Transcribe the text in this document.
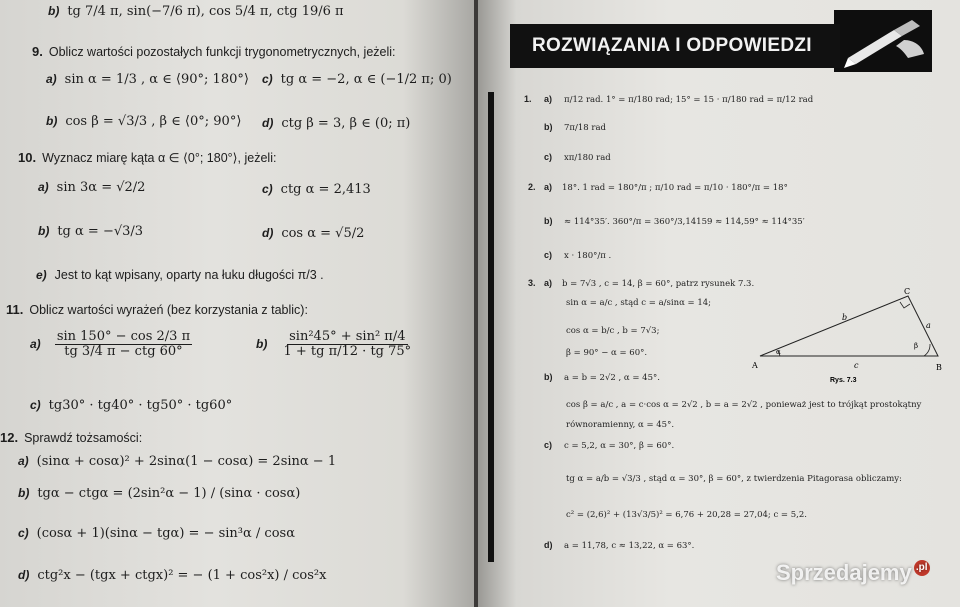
b) tg 7/4 π, sin(−7/6 π), cos 5/4 π, ctg 19/6 π
9. Oblicz wartości pozostałych funkcji trygonometrycznych, jeżeli:
a) sin α = 1/3 , α ∈ ⟨90°; 180°⟩ c) tg α = −2, α ∈ (−1/2 π; 0)
b) cos β = √3/3 , β ∈ ⟨0°; 90°⟩ d) ctg β = 3, β ∈ (0; π)
10. Wyznacz miarę kąta α ∈ ⟨0°; 180°⟩, jeżeli:
a) sin 3α = √2/2	c) ctg α = 2,413
b) tg α = −√3/3	d) cos α = √5/2
e) Jest to kąt wpisany, oparty na łuku długości π/3 .
11. Oblicz wartości wyrażeń (bez korzystania z tablic):
$a) \frac{\sin 150^\circ - \cos 2/3 \pi}{\text{tg 3/4 π − ctg 60°}}$	$b) \frac{\text{sin²45° + sin² π/4}}{\text{1 + tg π/12 · tg 75°}}$
c) tg30° · tg40° · tg50° · tg60°
12. Sprawdź tożsamości:
a) (sinα + cosα)² + 2sinα(1 − cosα) = 2sinα − 1
b) tgα − ctgα = (2sin²α − 1) / (sinα · cosα)
c) (cosα + 1)(sinα − tgα) = − sin³α / cosα
d) ctg²x − (tgx + ctgx)² = − (1 + cos²x) / cos²x
ROZWIĄZANIA I ODPOWIEDZI
1. a) π/12 rad. 1° = π/180 rad; 15° = 15 · π/180 rad = π/12 rad
b) 7π/18 rad
c) xπ/180 rad
2. a) 18°. 1 rad = 180°/π ; π/10 rad = π/10 · 180°/π = 18°
b) ≈ 114°35′. 360°/π = 360°/3,14159 ≈ 114,59° ≈ 114°35′
c) x · 180°/π .
3. a) b = 7√3 , c = 14, β = 60°, patrz rysunek 7.3.
sin α = a/c , stąd c = a/sinα = 14;
cos α = b/c , b = 7√3;
β = 90° − α = 60°.
A	B
C
b
a
c
α
β
Rys. 7.3
b) a = b = 2√2 , α = 45°.
cos β = a/c , a = c·cos α = 2√2 , b = a = 2√2 , ponieważ jest to trójkąt prostokątny
równoramienny, α = 45°.
c) c = 5,2, α = 30°, β = 60°.
tg α = a/b = √3/3 , stąd α = 30°, β = 60°, z twierdzenia Pitagorasa obliczamy:
c² = (2,6)² + (13√3/5)² = 6,76 + 20,28 = 27,04; c = 5,2.
d) a = 11,78, c ≈ 13,22, α = 63°.
Sprzedajemy .pl
